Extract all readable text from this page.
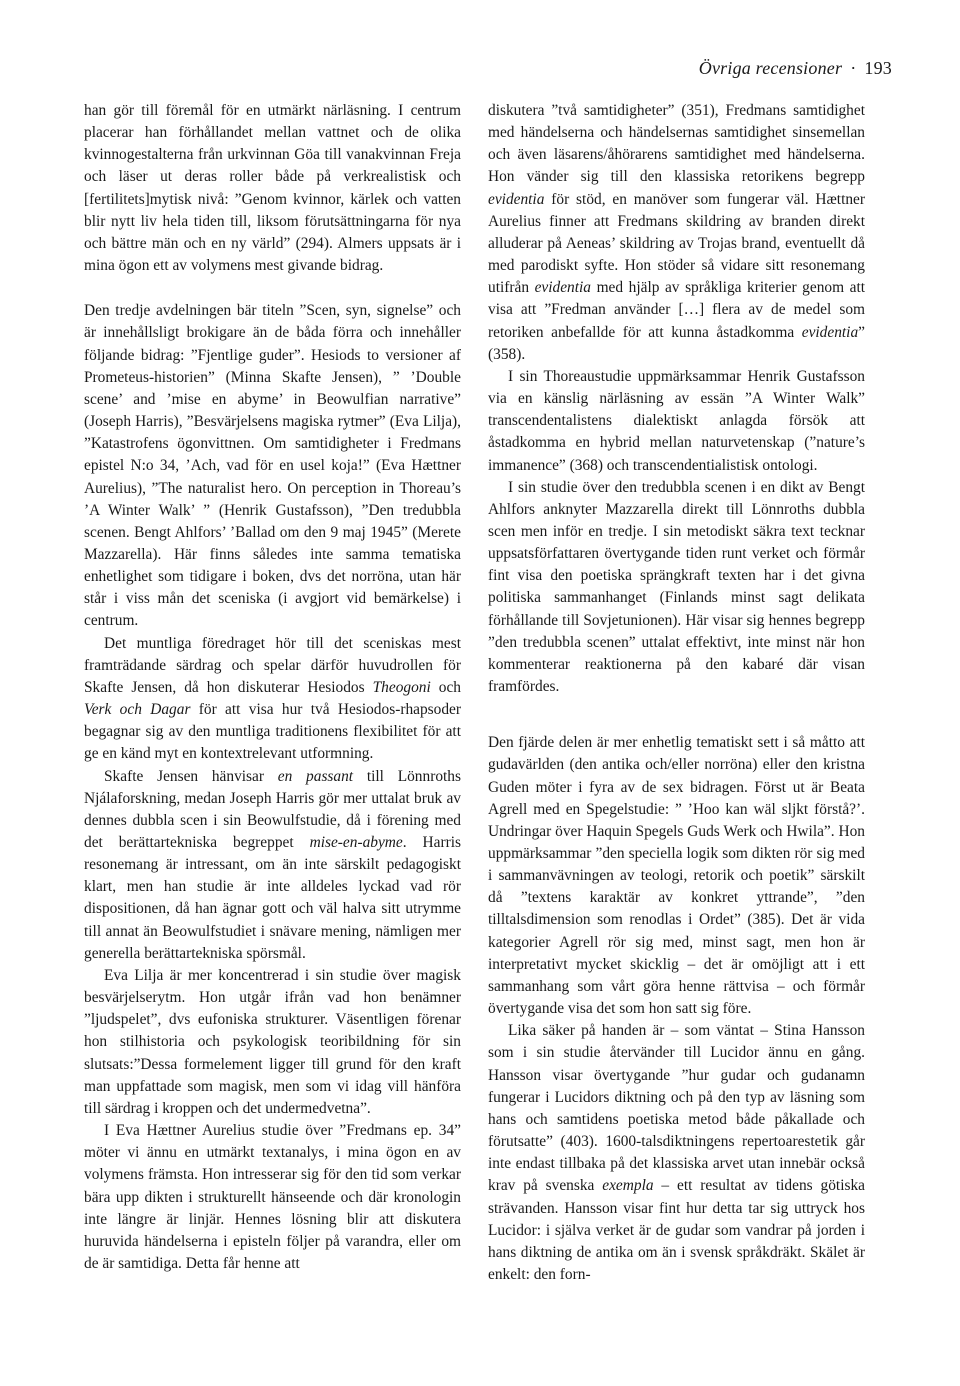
Övriga recensioner · 193

han gör till föremål för en utmärkt närläsning. I centrum placerar han förhållandet mellan vattnet och de olika kvinnogestalterna från urkvinnan Göa till vanakvinnan Freja och läser ut deras roller både på verkrealistisk och [fertilitets]mytisk nivå: ”Genom kvinnor, kärlek och vatten blir nytt liv hela tiden till, liksom förutsättningarna för nya och bättre män och en ny värld” (294). Almers uppsats är i mina ögon ett av volymens mest givande bidrag.

Den tredje avdelningen bär titeln ”Scen, syn, signelse” och är innehållsligt brokigare än de båda förra och innehåller följande bidrag: ”Fjentlige guder”. Hesiods to versioner af Prometeus-historien” (Minna Skafte Jensen), ” ’Double scene’ and ’mise en abyme’ in Beowulfian narrative” (Joseph Harris), ”Besvärjelsens magiska rytmer” (Eva Lilja), ”Katastrofens ögonvittnen. Om samtidigheter i Fredmans epistel N:o 34, ’Ach, vad för en usel koja!” (Eva Hættner Aurelius), ”The naturalist hero. On perception in Thoreau’s ’A Winter Walk’ ” (Henrik Gustafsson), ”Den tredubbla scenen. Bengt Ahlfors’ ’Ballad om den 9 maj 1945” (Merete Mazzarella). Här finns således inte samma tematiska enhetlighet som tidigare i boken, dvs det norröna, utan här står i viss mån det sceniska (i avgjort vid bemärkelse) i centrum.

Det muntliga föredraget hör till det sceniskas mest framträdande särdrag och spelar därför huvudrollen för Skafte Jensen, då hon diskuterar Hesiodos Theogoni och Verk och Dagar för att visa hur två Hesiodos-rhapsoder begagnar sig av den muntliga traditionens flexibilitet för att ge en känd myt en kontextrelevant utformning.

Skafte Jensen hänvisar en passant till Lönnroths Njálaforskning, medan Joseph Harris gör mer uttalat bruk av dennes dubbla scen i sin Beowulfstudie, då i förening med det berättartekniska begreppet mise-en-abyme. Harris resonemang är intressant, om än inte särskilt pedagogiskt klart, men han studie är inte alldeles lyckad vad rör dispositionen, då han ägnar gott och väl halva sitt utrymme till annat än Beowulfstudiet i snävare mening, nämligen mer generella berättartekniska spörsmål.

Eva Lilja är mer koncentrerad i sin studie över magisk besvärjelserytm. Hon utgår ifrån vad hon benämner ”ljudspelet”, dvs eufoniska strukturer. Väsentligen förenar hon stilhistoria och psykologisk teoribildning för sin slutsats:”Dessa formelement ligger till grund för den kraft man uppfattade som magisk, men som vi idag vill hänföra till särdrag i kroppen och det undermedvetna”.

I Eva Hættner Aurelius studie över ”Fredmans ep. 34” möter vi ännu en utmärkt textanalys, i mina ögon en av volymens främsta. Hon intresserar sig för den tid som verkar bära upp dikten i strukturellt hänseende och där kronologin inte längre är linjär. Hennes lösning blir att diskutera huruvida händelserna i episteln följer på varandra, eller om de är samtidiga. Detta får henne att

diskutera ”två samtidigheter” (351), Fredmans samtidighet med händelserna och händelsernas samtidighet sinsemellan och även läsarens/åhörarens samtidighet med händelserna. Hon vänder sig till den klassiska retorikens begrepp evidentia för stöd, en manöver som fungerar väl. Hættner Aurelius finner att Fredmans skildring av branden direkt alluderar på Aeneas’ skildring av Trojas brand, eventuellt då med parodiskt syfte. Hon stöder så vidare sitt resonemang utifrån evidentia med hjälp av språkliga kriterier genom att visa att ”Fredman använder […] flera av de medel som retoriken anbefallde för att kunna åstadkomma evidentia” (358).

I sin Thoreaustudie uppmärksammar Henrik Gustafsson via en känslig närläsning av essän ”A Winter Walk” transcendentalistens dialektiskt anlagda försök att åstadkomma en hybrid mellan naturvetenskap (”nature’s immanence” (368) och transcendentialistisk ontologi.

I sin studie över den tredubbla scenen i en dikt av Bengt Ahlfors anknyter Mazzarella direkt till Lönnroths dubbla scen men inför en tredje. I sin metodiskt säkra text tecknar uppsatsförfattaren övertygande tiden runt verket och förmår fint visa den poetiska sprängkraft texten har i det givna politiska sammanhanget (Finlands minst sagt delikata förhållande till Sovjetunionen). Här visar sig hennes begrepp ”den tredubbla scenen” uttalat effektivt, inte minst när hon kommenterar reaktionerna på den kabaré där visan framfördes.

Den fjärde delen är mer enhetlig tematiskt sett i så måtto att gudavärlden (den antika och/eller norröna) eller den kristna Guden möter i fyra av de sex bidragen. Först ut är Beata Agrell med en Spegelstudie: ” ’Hoo kan wäl sljkt förstå?’. Undringar över Haquin Spegels Guds Werk och Hwila”. Hon uppmärksammar ”den speciella logik som dikten rör sig med i sammanvävningen av teologi, retorik och poetik” särskilt då ”textens karaktär av konkret yttrande”, ”den tilltalsdimension som renodlas i Ordet” (385). Det är vida kategorier Agrell rör sig med, minst sagt, men hon är interpretativt mycket skicklig – det är omöjligt att i ett sammanhang som vårt göra henne rättvisa – och förmår övertygande visa det som hon satt sig före.

Lika säker på handen är – som väntat – Stina Hansson som i sin studie återvänder till Lucidor ännu en gång. Hansson visar övertygande ”hur gudar och gudanamn fungerar i Lucidors diktning och på den typ av läsning som hans och samtidens poetiska metod både påkallade och förutsatte” (403). 1600-talsdiktningens repertoarestetik går inte endast tillbaka på det klassiska arvet utan innebär också krav på svenska exempla – ett resultat av tidens götiska strävanden. Hansson visar fint hur detta tar sig uttryck hos Lucidor: i själva verket är de gudar som vandrar på jorden i hans diktning de antika om än i svensk språkdräkt. Skälet är enkelt: den forn-
